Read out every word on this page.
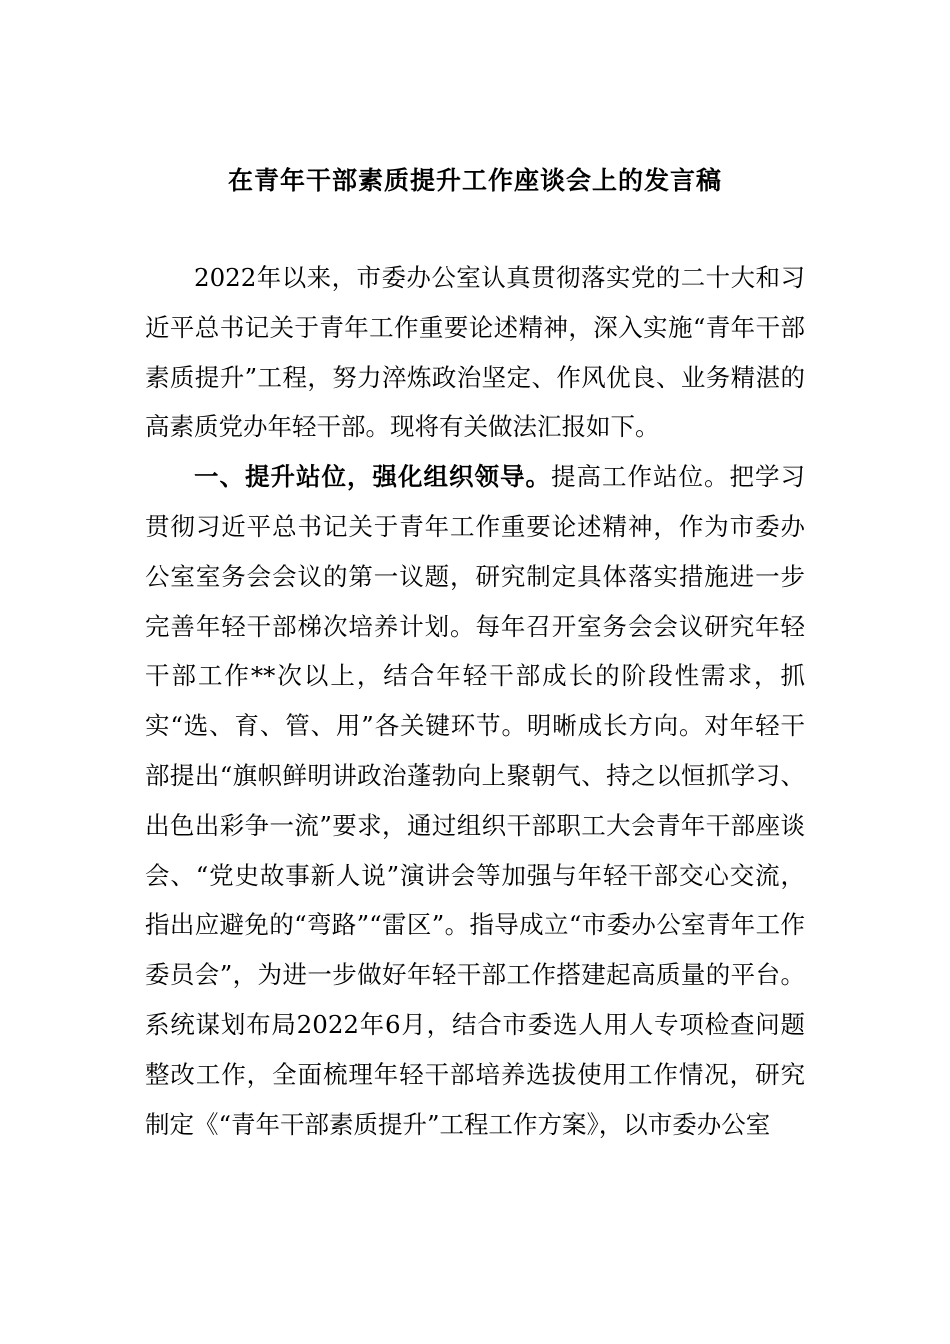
在青年干部素质提升工作座谈会上的发言稿

2022年以来，市委办公室认真贯彻落实党的二十大和习近平总书记关于青年工作重要论述精神，深入实施“青年干部素质提升”工程，努力淬炼政治坚定、作风优良、业务精湛的高素质党办年轻干部。现将有关做法汇报如下。

一、提升站位，强化组织领导。提高工作站位。把学习贯彻习近平总书记关于青年工作重要论述精神，作为市委办公室室务会会议的第一议题，研究制定具体落实措施进一步完善年轻干部梯次培养计划。每年召开室务会会议研究年轻干部工作**次以上，结合年轻干部成长的阶段性需求，抓实“选、育、管、用”各关键环节。明晰成长方向。对年轻干部提出“旗帜鲜明讲政治蓬勃向上聚朝气、持之以恒抓学习、出色出彩争一流”要求，通过组织干部职工大会青年干部座谈会、“党史故事新人说”演讲会等加强与年轻干部交心交流，指出应避免的“弯路”“雷区”。指导成立“市委办公室青年工作委员会”，为进一步做好年轻干部工作搭建起高质量的平台。系统谋划布局2022年6月，结合市委选人用人专项检查问题整改工作，全面梳理年轻干部培养选拔使用工作情况，研究制定《“青年干部素质提升”工程工作方案》，以市委办公室
